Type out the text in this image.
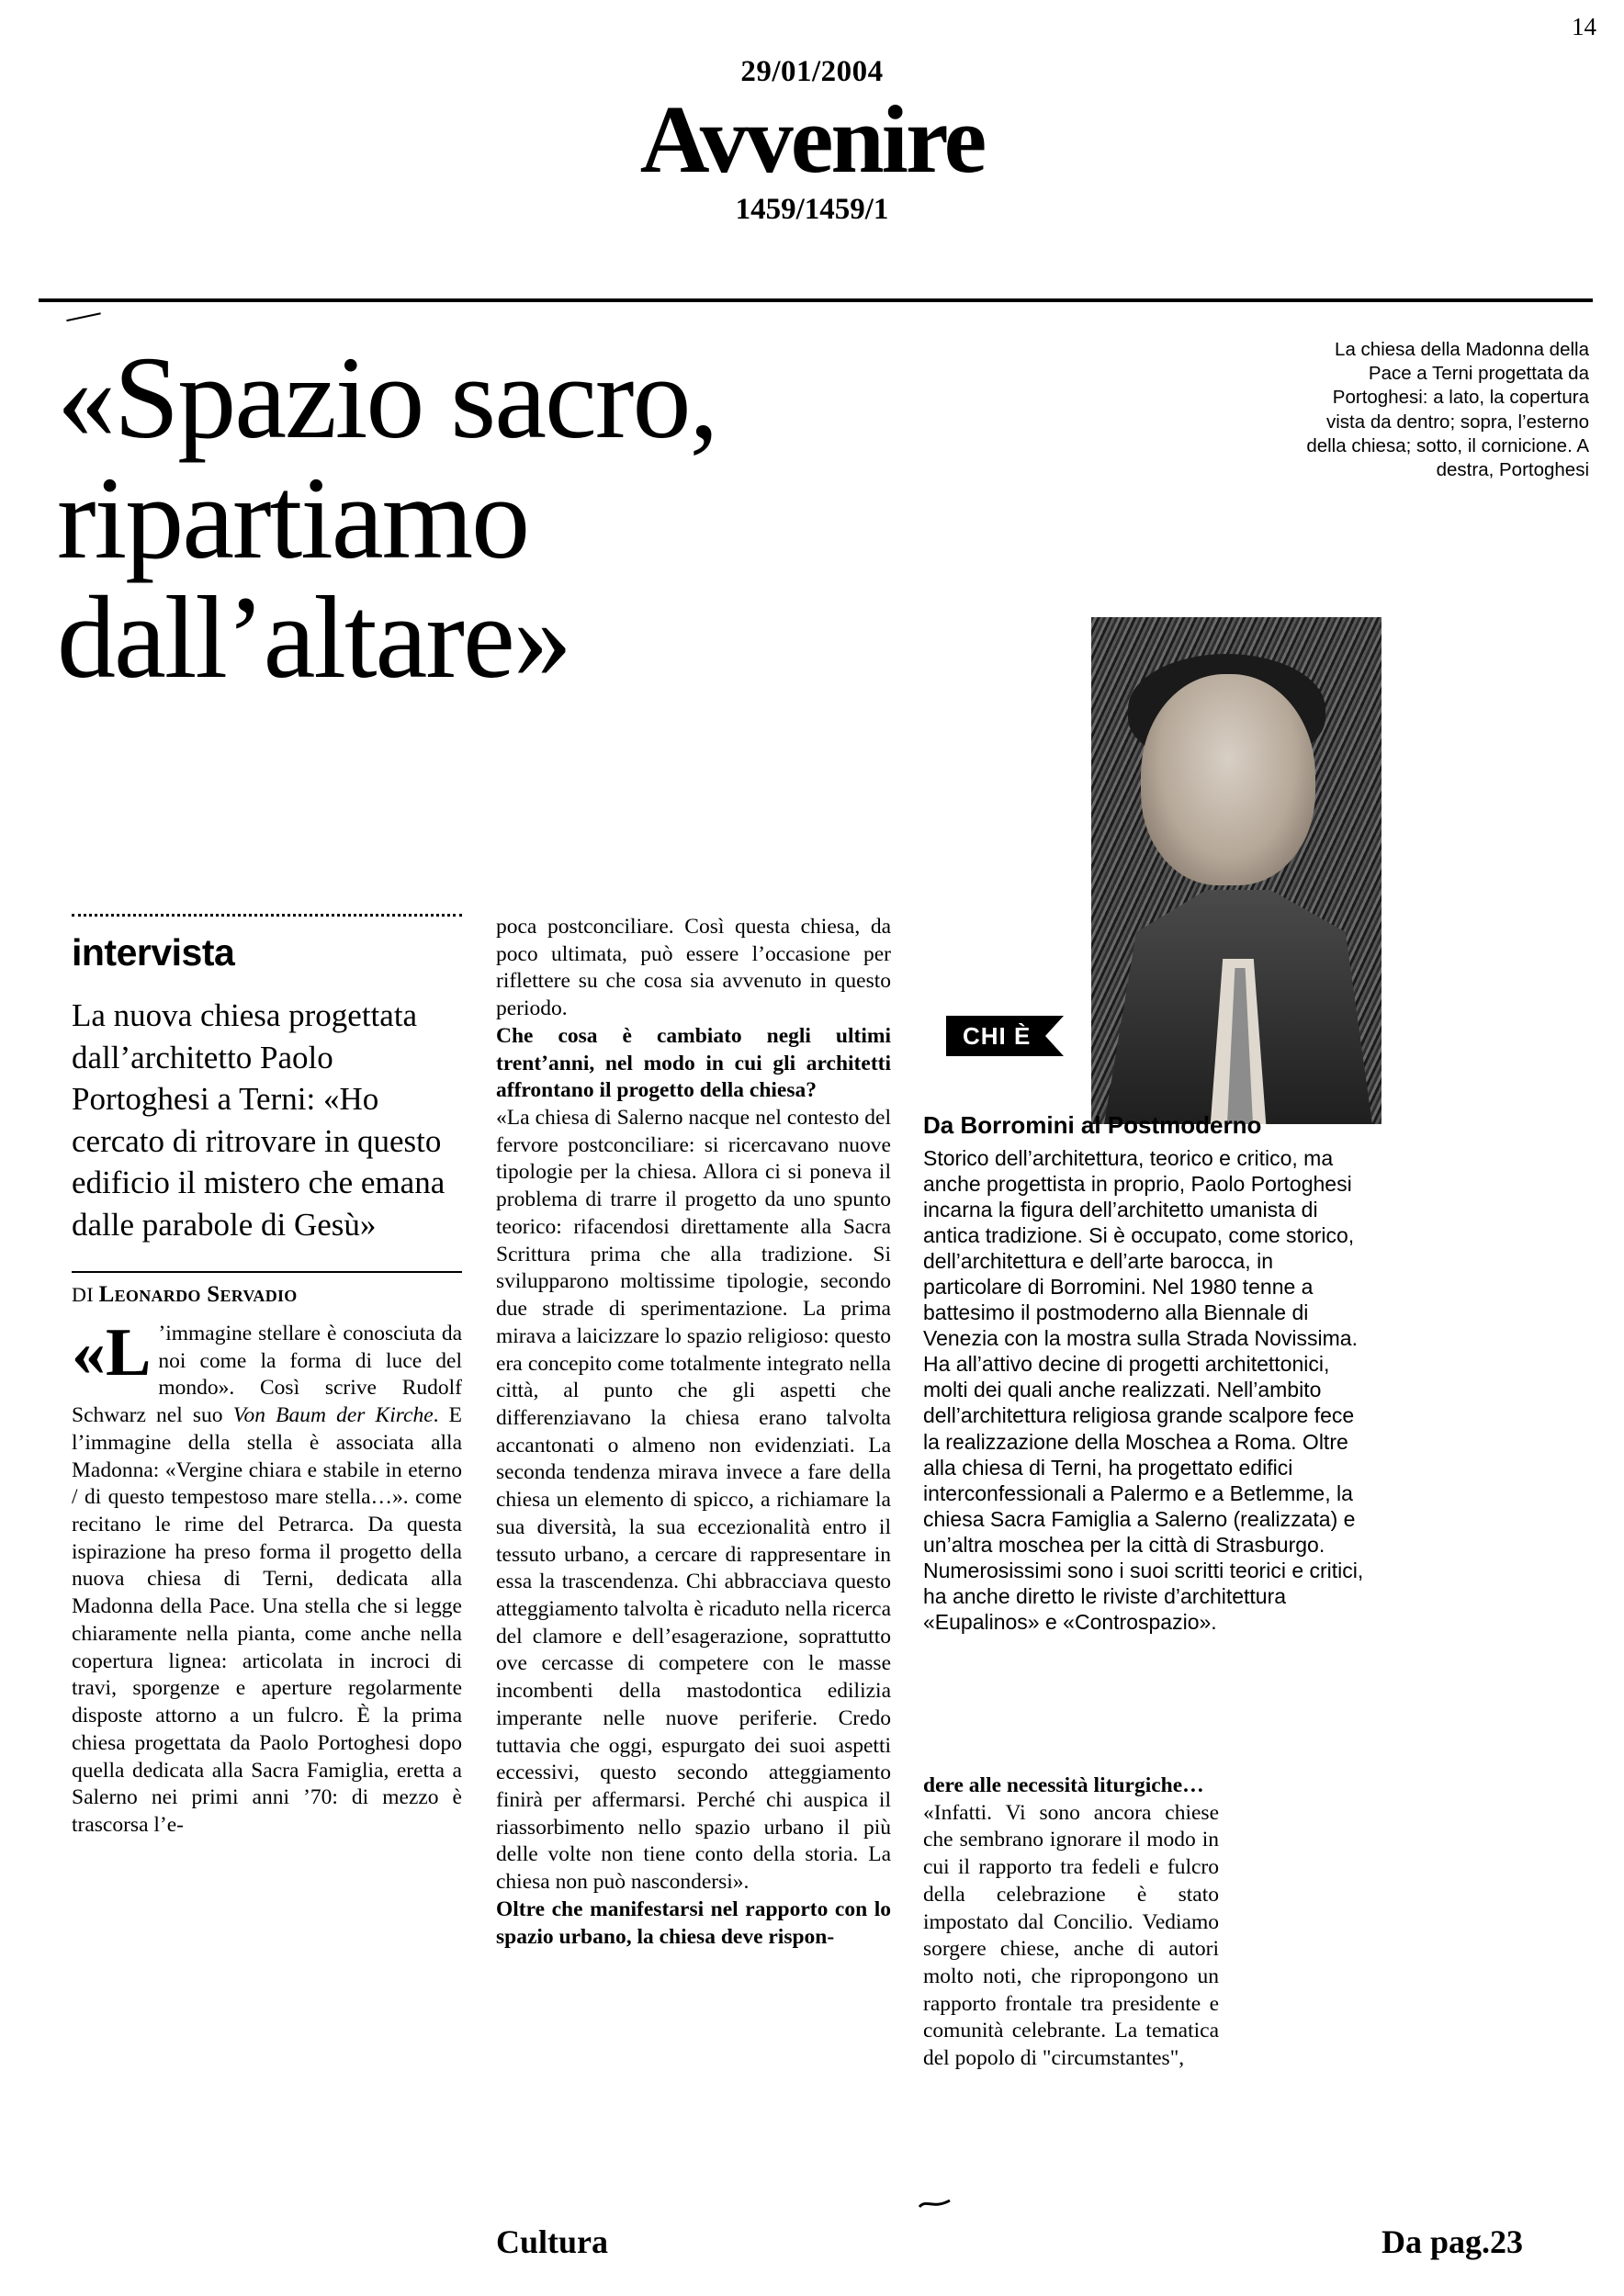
14
29/01/2004
Avvenire
1459/1459/1
«Spazio sacro,
ripartiamo
dall’altare»
La chiesa della Madonna della Pace a Terni progettata da Portoghesi: a lato, la copertura vista da dentro; sopra, l’esterno della chiesa; sotto, il cornicione. A destra, Portoghesi
CHI È
intervista
La nuova chiesa progettata dall’architetto Paolo Portoghesi a Terni: «Ho cercato di ritrovare in questo edificio il mistero che emana dalle parabole di Gesù»
DI Leonardo Servadio
«L ’immagine stellare è conosciuta da noi come la forma di luce del mondo». Così scrive Rudolf Schwarz nel suo Von Baum der Kirche. E l’immagine della stella è associata alla Madonna: «Vergine chiara e stabile in eterno / di questo tempestoso mare stella…». come recitano le rime del Petrarca. Da questa ispirazione ha preso forma il progetto della nuova chiesa di Terni, dedicata alla Madonna della Pace. Una stella che si legge chiaramente nella pianta, come anche nella copertura lignea: articolata in incroci di travi, sporgenze e aperture regolarmente disposte attorno a un fulcro. È la prima chiesa progettata da Paolo Portoghesi dopo quella dedicata alla Sacra Famiglia, eretta a Salerno nei primi anni ’70: di mezzo è trascorsa l’e-

poca postconciliare. Così questa chiesa, da poco ultimata, può essere l’occasione per riflettere su che cosa sia avvenuto in questo periodo.

Che cosa è cambiato negli ultimi trent’anni, nel modo in cui gli architetti affrontano il progetto della chiesa?

«La chiesa di Salerno nacque nel contesto del fervore postconciliare: si ricercavano nuove tipologie per la chiesa. Allora ci si poneva il problema di trarre il progetto da uno spunto teorico: rifacendosi direttamente alla Sacra Scrittura prima che alla tradizione. Si svilupparono moltissime tipologie, secondo due strade di sperimentazione. La prima mirava a laicizzare lo spazio religioso: questo era concepito come totalmente integrato nella città, al punto che gli aspetti che differenziavano la chiesa erano talvolta accantonati o almeno non evidenziati. La seconda tendenza mirava invece a fare della chiesa un elemento di spicco, a richiamare la sua diversità, la sua eccezionalità entro il tessuto urbano, a cercare di rappresentare in essa la trascendenza. Chi abbracciava questo atteggiamento talvolta è ricaduto nella ricerca del clamore e dell’esagerazione, soprattutto ove cercasse di competere con le masse incombenti della mastodontica edilizia imperante nelle nuove periferie. Credo tuttavia che oggi, espurgato dei suoi aspetti eccessivi, questo secondo atteggiamento finirà per affermarsi. Perché chi auspica il riassorbimento nello spazio urbano il più delle volte non tiene conto della storia. La chiesa non può nascondersi».

Oltre che manifestarsi nel rapporto con lo spazio urbano, la chiesa deve rispon-

Da Borromini al Postmoderno
Storico dell’architettura, teorico e critico, ma anche progettista in proprio, Paolo Portoghesi incarna la figura dell’architetto umanista di antica tradizione. Si è occupato, come storico, dell’architettura e dell’arte barocca, in particolare di Borromini. Nel 1980 tenne a battesimo il postmoderno alla Biennale di Venezia con la mostra sulla Strada Novissima. Ha all’attivo decine di progetti architettonici, molti dei quali anche realizzati. Nell’ambito dell’architettura religiosa grande scalpore fece la realizzazione della Moschea a Roma. Oltre alla chiesa di Terni, ha progettato edifici interconfessionali a Palermo e a Betlemme, la chiesa Sacra Famiglia a Salerno (realizzata) e un’altra moschea per la città di Strasburgo. Numerosissimi sono i suoi scritti teorici e critici, ha anche diretto le riviste d’architettura «Eupalinos» e «Controspazio».

dere alle necessità liturgiche…

«Infatti. Vi sono ancora chiese che sembrano ignorare il modo in cui il rapporto tra fedeli e fulcro della celebrazione è stato impostato dal Concilio. Vediamo sorgere chiese, anche di autori molto noti, che ripropongono un rapporto frontale tra presidente e comunità celebrante. La tematica del popolo di "circumstantes",

Cultura	Da pag.23
